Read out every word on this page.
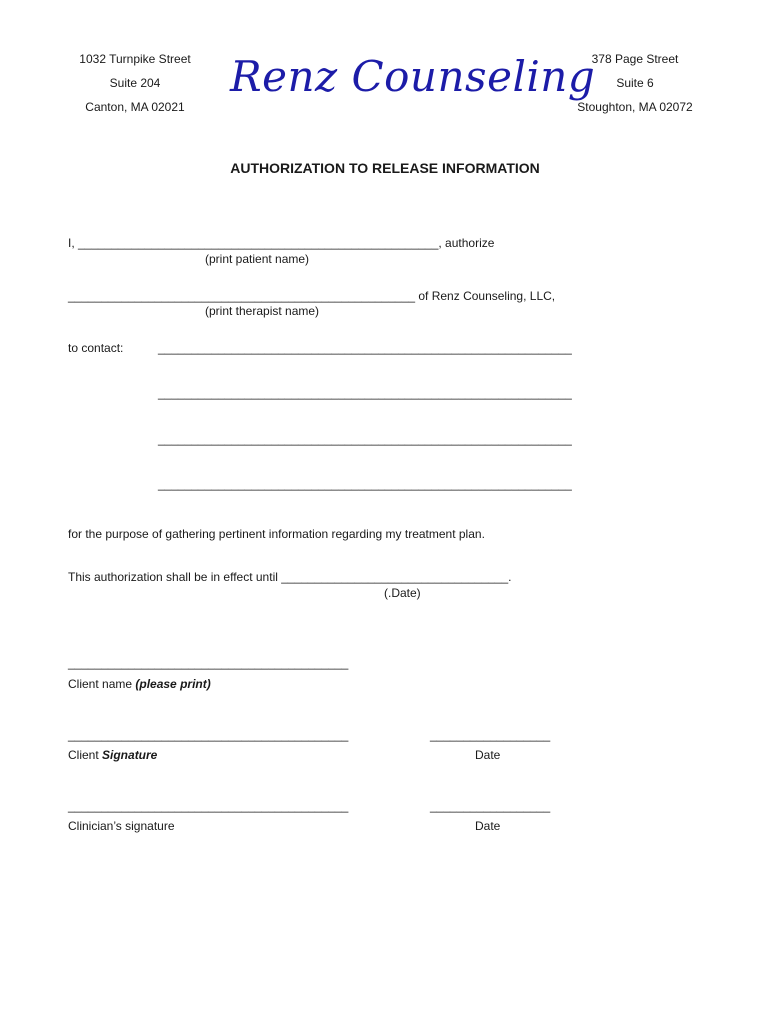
1032 Turnpike Street
Suite 204
Canton, MA 02021
Renz Counseling
378 Page Street
Suite 6
Stoughton, MA 02072
AUTHORIZATION TO RELEASE INFORMATION
I, ______________________________________________________, authorize
(print patient name)
____________________________________________________ of Renz Counseling, LLC,
(print therapist name)
to contact:	______________________________________________________________
______________________________________________________________
______________________________________________________________
______________________________________________________________
for the purpose of gathering pertinent information regarding my treatment plan.
This authorization shall be in effect until __________________________________.
(.Date)
__________________________________________
Client name (please print)
__________________________________________
Client Signature
__________________
Date
__________________________________________
Clinician’s signature
__________________
Date
